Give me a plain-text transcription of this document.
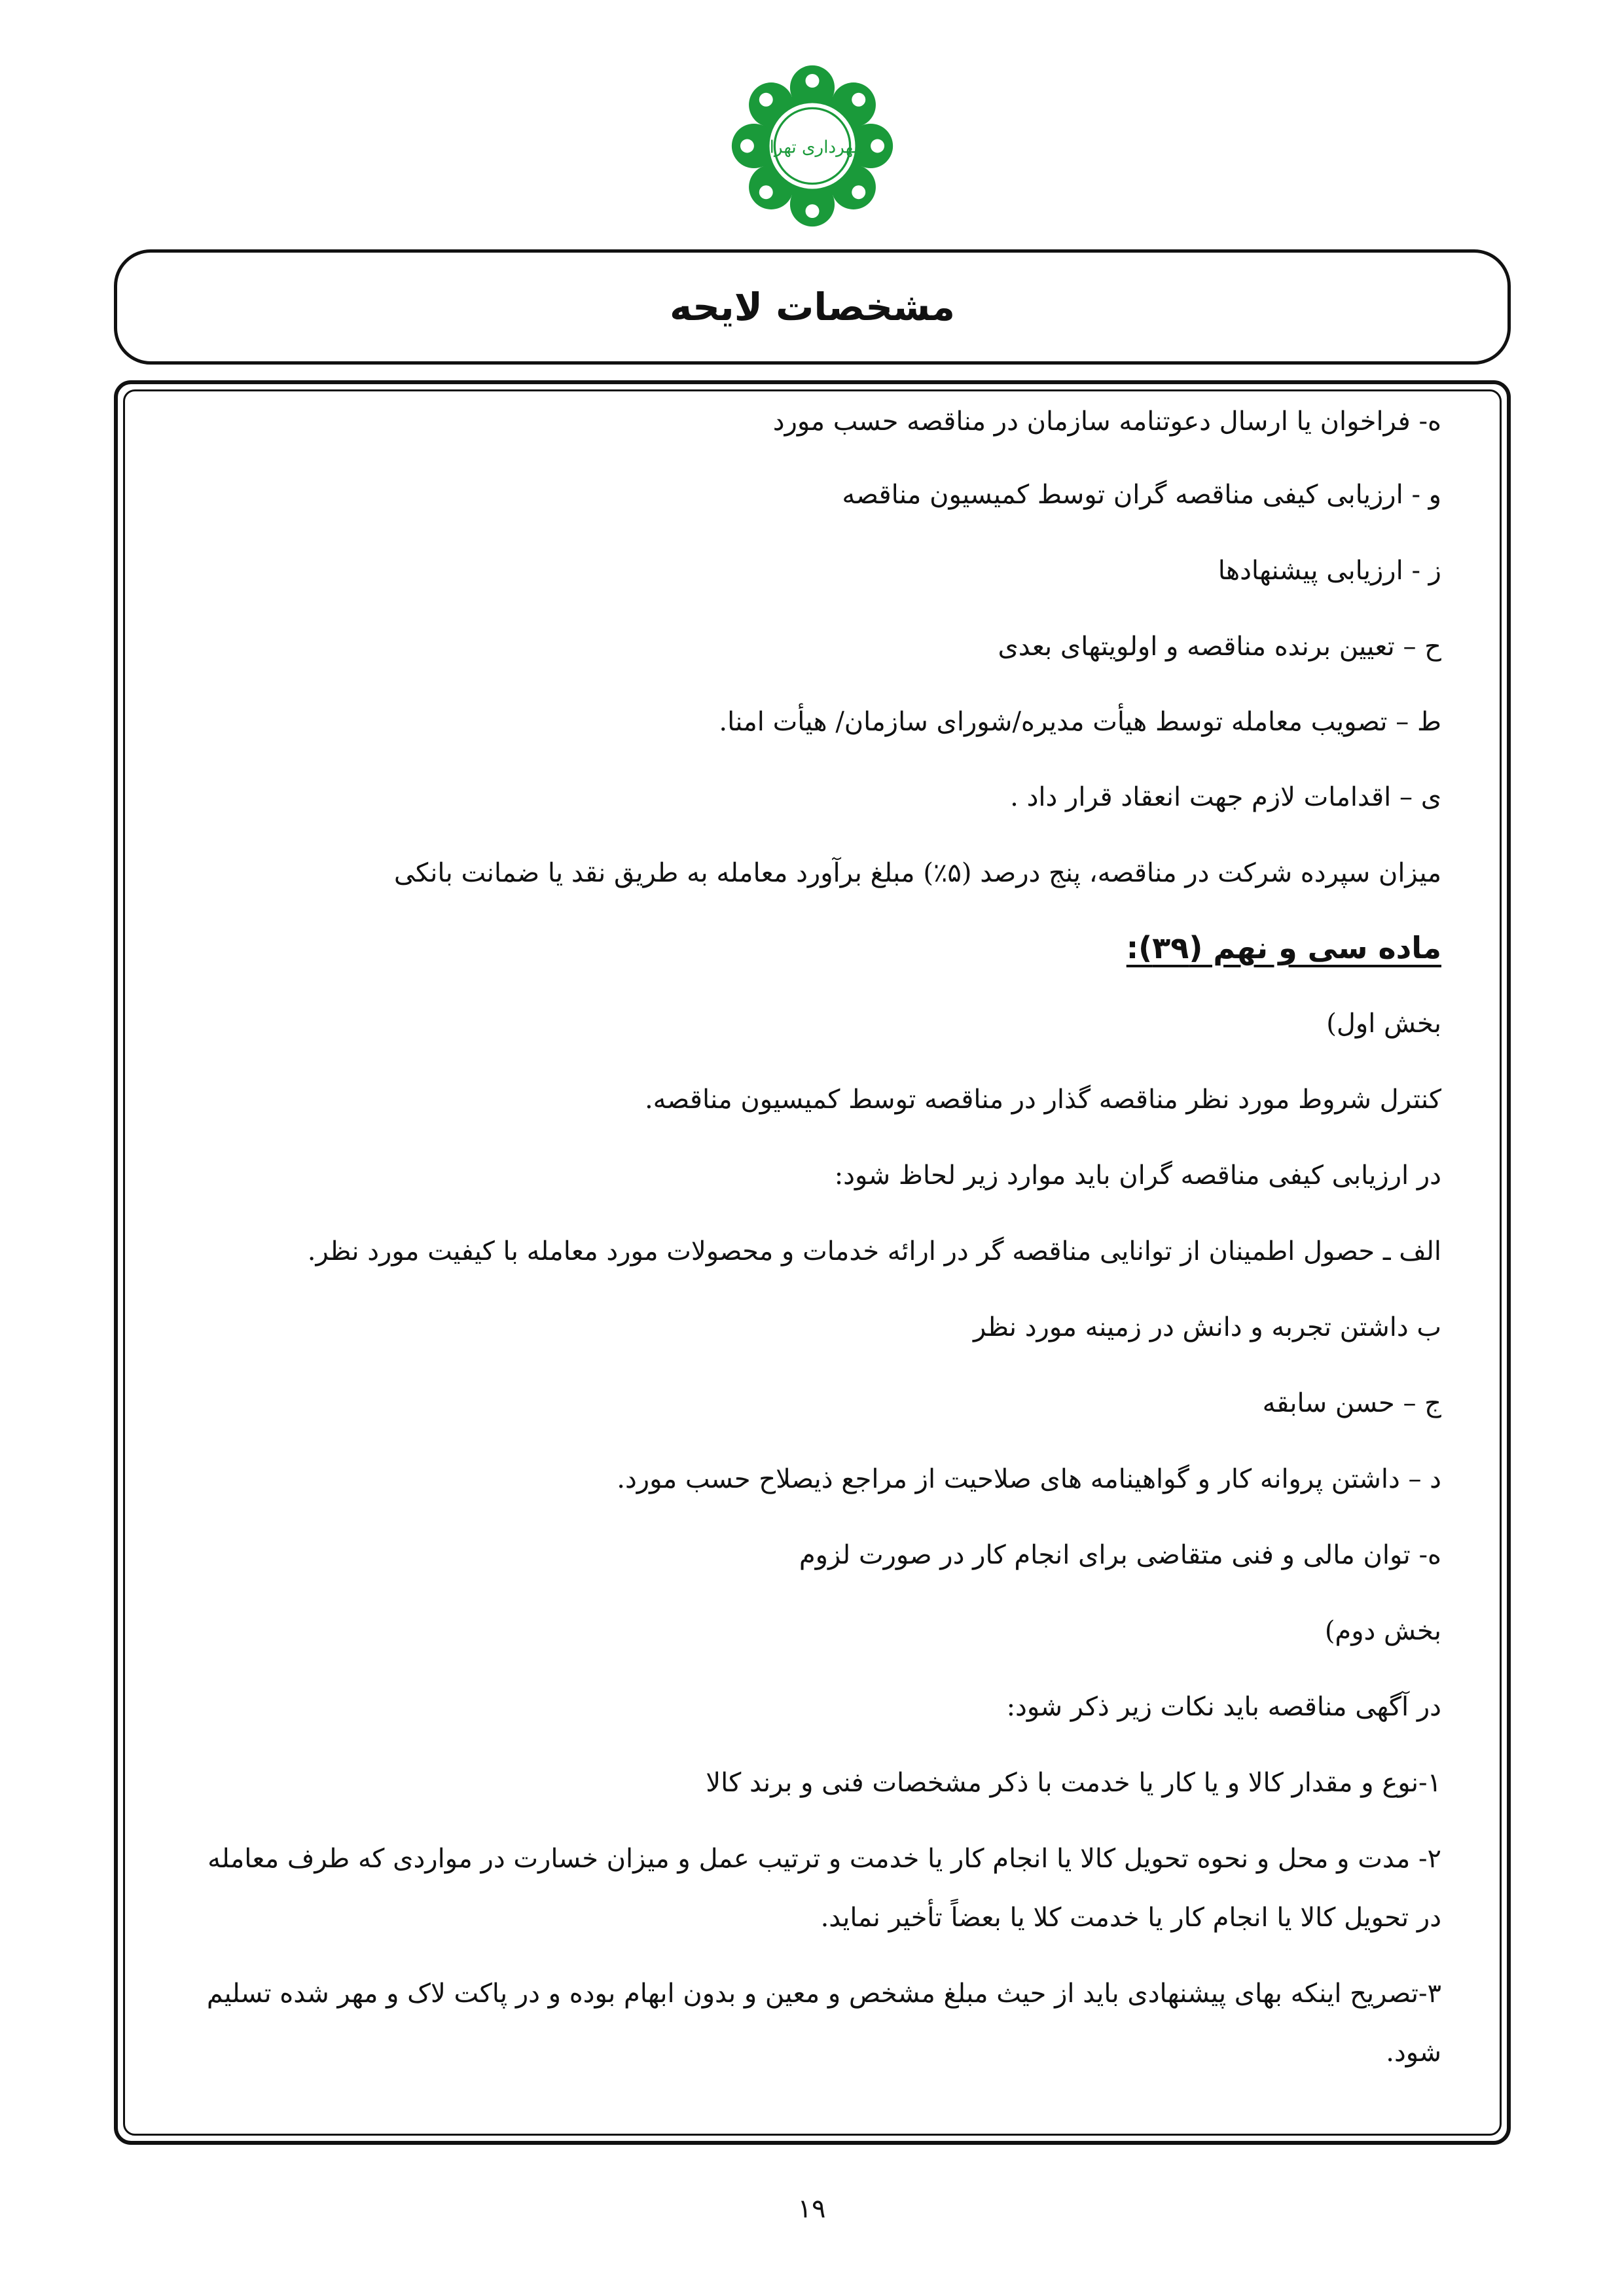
شهرداری تهران
مشخصات لایحه
ه- فراخوان یا ارسال دعوتنامه سازمان در مناقصه حسب مورد
و - ارزیابی کیفی مناقصه گران توسط کمیسیون مناقصه
ز - ارزیابی پیشنهادها
ح – تعیین برنده مناقصه و اولویتهای بعدی
ط – تصویب معامله توسط هیأت مدیره/شورای سازمان/ هیأت امنا.
ی – اقدامات لازم جهت انعقاد قرار داد .
میزان سپرده شرکت در مناقصه، پنج درصد (۵٪) مبلغ برآورد معامله به طریق نقد یا ضمانت بانکی
ماده سی و نهم (۳۹):
بخش اول)
کنترل شروط مورد نظر مناقصه گذار در مناقصه توسط کمیسیون مناقصه.
در ارزیابی کیفی مناقصه گران باید موارد زیر لحاظ شود:
الف ـ حصول اطمینان از توانایی مناقصه گر در ارائه خدمات و محصولات مورد معامله با کیفیت مورد نظر.
ب داشتن تجربه و دانش در زمینه مورد نظر
ج – حسن سابقه
د – داشتن پروانه کار و گواهینامه های صلاحیت از مراجع ذیصلاح حسب مورد.
ه- توان مالی و فنی متقاضی برای انجام کار در صورت لزوم
بخش دوم)
در آگهی مناقصه باید نکات زیر ذکر شود:
۱-نوع و مقدار کالا و یا کار یا خدمت با ذکر مشخصات فنی و برند کالا
۲- مدت و محل و نحوه تحویل کالا یا انجام کار یا خدمت و ترتیب عمل و میزان خسارت در مواردی که طرف معامله
در تحویل کالا یا انجام کار یا خدمت کلا یا بعضاً تأخیر نماید.
۳-تصریح اینکه بهای پیشنهادی باید از حیث مبلغ مشخص و معین و بدون ابهام بوده و در پاکت لاک و مهر شده تسلیم
شود.
۱۹
